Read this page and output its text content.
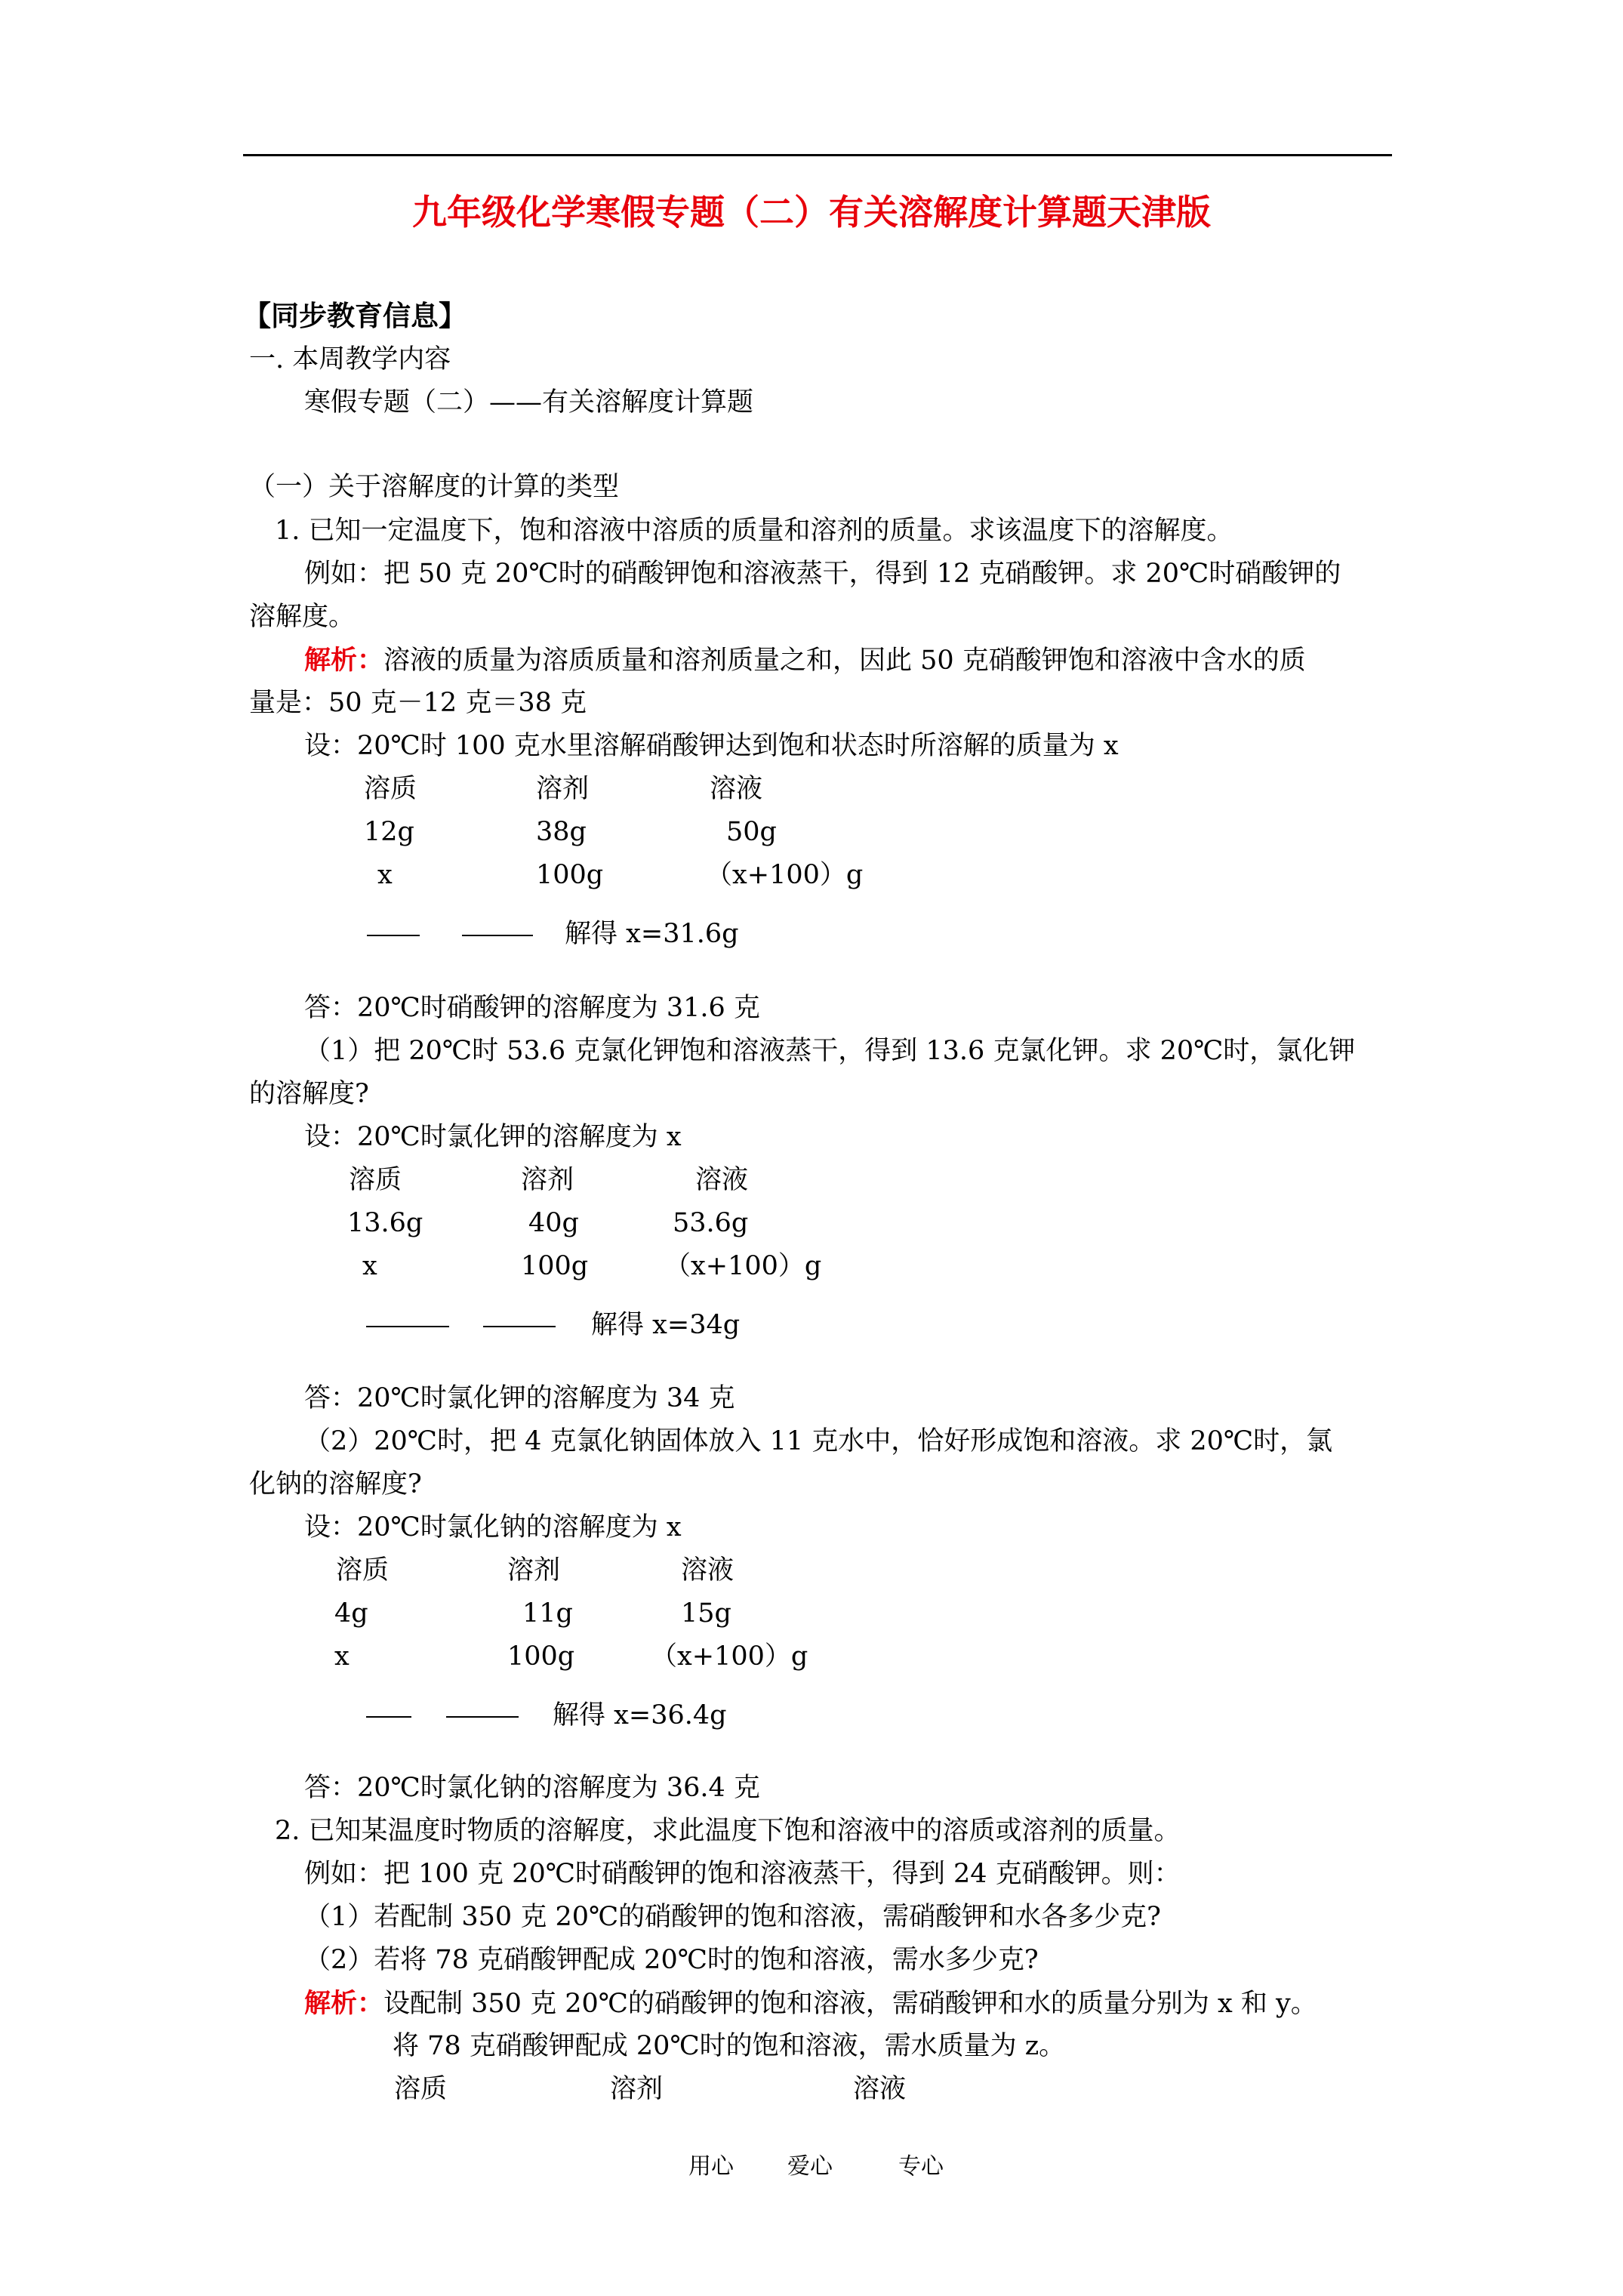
九年级化学寒假专题（二）有关溶解度计算题天津版
【同步教育信息】
一. 本周教学内容
寒假专题（二）——有关溶解度计算题
（一）关于溶解度的计算的类型
1. 已知一定温度下，饱和溶液中溶质的质量和溶剂的质量。求该温度下的溶解度。
例如：把 50 克 20℃时的硝酸钾饱和溶液蒸干，得到 12 克硝酸钾。求 20℃时硝酸钾的
溶解度。
解析：溶液的质量为溶质质量和溶剂质量之和，因此 50 克硝酸钾饱和溶液中含水的质
量是：50 克－12 克＝38 克
设：20℃时 100 克水里溶解硝酸钾达到饱和状态时所溶解的质量为 x
溶质	溶剂	溶液
12g	38g	50g
x	100g	（x+100）g
解得 x=31.6g
答：20℃时硝酸钾的溶解度为 31.6 克
（1）把 20℃时 53.6 克氯化钾饱和溶液蒸干，得到 13.6 克氯化钾。求 20℃时，氯化钾
的溶解度?
设：20℃时氯化钾的溶解度为 x
溶质	溶剂	溶液
13.6g	40g	53.6g
x	100g	（x+100）g
解得 x=34g
答：20℃时氯化钾的溶解度为 34 克
（2）20℃时，把 4 克氯化钠固体放入 11 克水中，恰好形成饱和溶液。求 20℃时，氯
化钠的溶解度?
设：20℃时氯化钠的溶解度为 x
溶质	溶剂	溶液
4g	11g	15g
x	100g	（x+100）g
解得 x=36.4g
答：20℃时氯化钠的溶解度为 36.4 克
2. 已知某温度时物质的溶解度，求此温度下饱和溶液中的溶质或溶剂的质量。
例如：把 100 克 20℃时硝酸钾的饱和溶液蒸干，得到 24 克硝酸钾。则：
（1）若配制 350 克 20℃的硝酸钾的饱和溶液，需硝酸钾和水各多少克?
（2）若将 78 克硝酸钾配成 20℃时的饱和溶液，需水多少克?
解析：设配制 350 克 20℃的硝酸钾的饱和溶液，需硝酸钾和水的质量分别为 x 和 y。
将 78 克硝酸钾配成 20℃时的饱和溶液，需水质量为 z。
溶质	溶剂	溶液
用心 爱心	专心
